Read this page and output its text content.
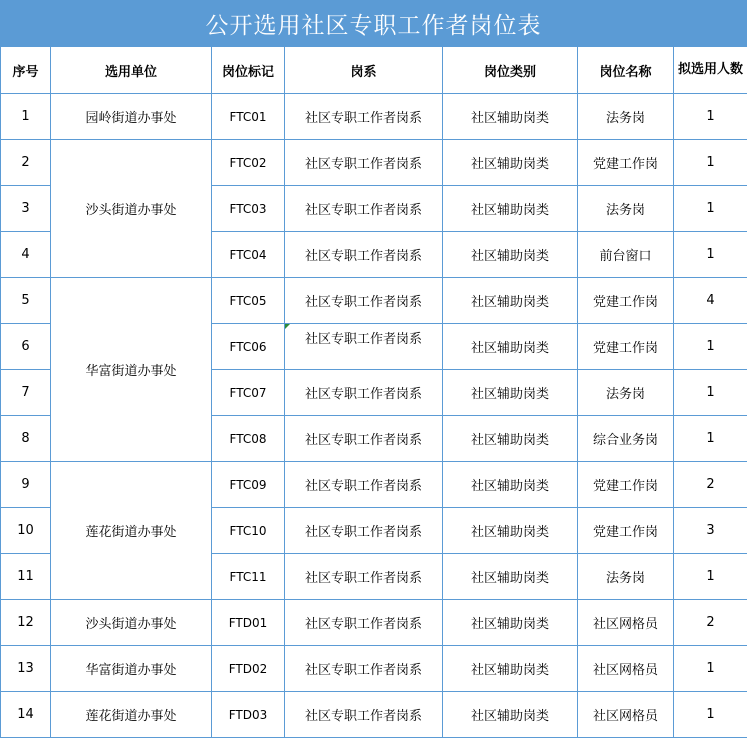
公开选用社区专职工作者岗位表
序号	选用单位	岗位标记	岗系	岗位类别	岗位名称	拟选用人数
1	园岭街道办事处	FTC01	社区专职工作者岗系	社区辅助岗类	法务岗	1
2	沙头街道办事处	FTC02	社区专职工作者岗系	社区辅助岗类	党建工作岗	1
3		FTC03	社区专职工作者岗系	社区辅助岗类	法务岗	1
4		FTC04	社区专职工作者岗系	社区辅助岗类	前台窗口	1
5	华富街道办事处	FTC05	社区专职工作者岗系	社区辅助岗类	党建工作岗	4
6		FTC06	社区专职工作者岗系	社区辅助岗类	党建工作岗	1
7		FTC07	社区专职工作者岗系	社区辅助岗类	法务岗	1
8		FTC08	社区专职工作者岗系	社区辅助岗类	综合业务岗	1
9	莲花街道办事处	FTC09	社区专职工作者岗系	社区辅助岗类	党建工作岗	2
10		FTC10	社区专职工作者岗系	社区辅助岗类	党建工作岗	3
11		FTC11	社区专职工作者岗系	社区辅助岗类	法务岗	1
12	沙头街道办事处	FTD01	社区专职工作者岗系	社区辅助岗类	社区网格员	2
13	华富街道办事处	FTD02	社区专职工作者岗系	社区辅助岗类	社区网格员	1
14	莲花街道办事处	FTD03	社区专职工作者岗系	社区辅助岗类	社区网格员	1
